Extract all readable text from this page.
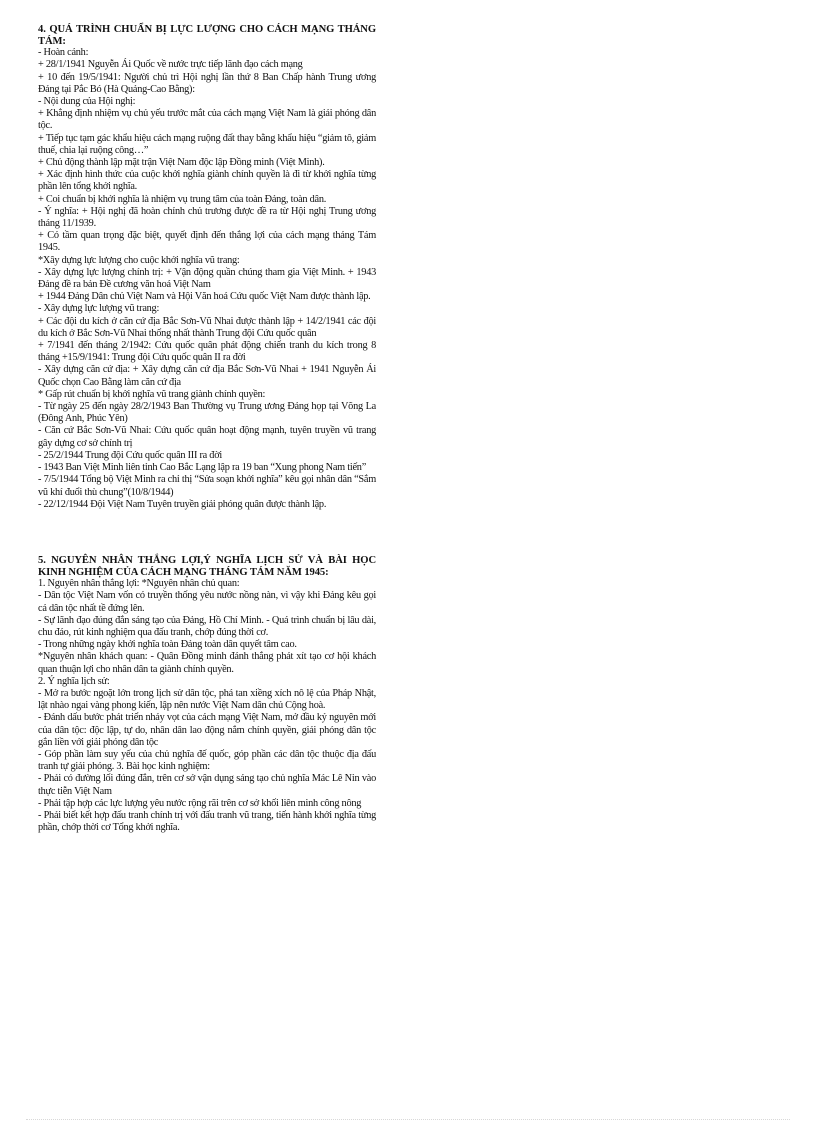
4. QUÁ TRÌNH CHUẨN BỊ LỰC LƯỢNG CHO CÁCH MẠNG THÁNG TÁM:

- Hoàn cảnh:

+ 28/1/1941 Nguyễn Ái Quốc về nước trực tiếp lãnh đạo cách mạng

+ 10 đến 19/5/1941: Người chủ trì Hội nghị lần thứ 8 Ban Chấp hành Trung ương Đảng tại Pắc Bó (Hà Quảng-Cao Bằng):

- Nội dung của Hội nghị:

+ Khẳng định nhiệm vụ chủ yếu trước mắt của cách mạng Việt Nam là giải phóng dân tộc.

+ Tiếp tục tạm gác khẩu hiệu cách mạng ruộng đất thay bằng khẩu hiệu “giảm tô, giảm thuế, chia lại ruộng công…”

+ Chủ động thành lập mặt trận Việt Nam độc lập Đồng minh (Việt Minh).

+ Xác định hình thức của cuộc khởi nghĩa giành chính quyền là đi từ khởi nghĩa từng phần lên tổng khởi nghĩa.

+ Coi chuẩn bị khởi nghĩa là nhiệm vụ trung tâm của toàn Đảng, toàn dân.

- Ý nghĩa: + Hội nghị đã hoàn chỉnh chủ trương được đề ra từ Hội nghị Trung ương tháng 11/1939.

+ Có tầm quan trọng đặc biệt, quyết định đến thắng lợi của cách mạng tháng Tám 1945.

*Xây dựng lực lượng cho cuộc khởi nghĩa vũ trang:

- Xây dựng lực lượng chính trị: + Vận động quần chúng tham gia Việt Minh. + 1943 Đảng đề ra bản Đề cương văn hoá Việt Nam

+ 1944 Đảng Dân chủ Việt Nam và Hội Văn hoá Cứu quốc Việt Nam được thành lập.

- Xây dựng lực lượng vũ trang:

+ Các đội du kích ở căn cứ địa Bắc Sơn-Vũ Nhai được thành lập + 14/2/1941 các đội du kích ở Bắc Sơn-Vũ Nhai thống nhất thành Trung đội Cứu quốc quân

+ 7/1941 đến tháng 2/1942: Cứu quốc quân phát động chiến tranh du kích trong 8 tháng +15/9/1941: Trung đội Cứu quốc quân II ra đời

- Xây dựng căn cứ địa: + Xây dựng căn cứ địa Bắc Sơn-Vũ Nhai + 1941 Nguyễn Ái Quốc chọn Cao Bằng làm căn cứ địa

* Gấp rút chuẩn bị khởi nghĩa vũ trang giành chính quyền:

- Từ ngày 25 đến ngày 28/2/1943 Ban Thường vụ Trung ương Đảng họp tại Võng La (Đông Anh, Phúc Yên)

- Căn cứ Bắc Sơn-Vũ Nhai: Cứu quốc quân hoạt động mạnh, tuyên truyền vũ trang gây dựng cơ sở chính trị

- 25/2/1944 Trung đội Cứu quốc quân III ra đời

- 1943 Ban Việt Minh liên tỉnh Cao Bắc Lạng lập ra 19 ban “Xung phong Nam tiến”

- 7/5/1944 Tổng bộ Việt Minh ra chỉ thị “Sửa soạn khởi nghĩa” kêu gọi nhân dân “Sắm vũ khí đuổi thù chung”(10/8/1944)

- 22/12/1944 Đội Việt Nam Tuyên truyền giải phóng quân được thành lập.

5. NGUYÊN NHÂN THẮNG LỢI,Ý NGHĨA LỊCH SỬ VÀ BÀI HỌC KINH NGHIỆM CỦA CÁCH MẠNG THÁNG TÁM NĂM 1945:

1. Nguyên nhân thắng lợi: *Nguyên nhân chủ quan:

- Dân tộc Việt Nam vốn có truyền thống yêu nước nồng nàn, vì vậy khi Đảng kêu gọi cả dân tộc nhất tề đứng lên.

- Sự lãnh đạo đúng đắn sáng tạo của Đảng, Hồ Chí Minh. - Quá trình chuẩn bị lâu dài, chu đáo, rút kinh nghiệm qua đấu tranh, chớp đúng thời cơ.

- Trong những ngày khởi nghĩa toàn Đảng toàn dân quyết tâm cao.

*Nguyên nhân khách quan: - Quân Đồng minh đánh thắng phát xít tạo cơ hội khách quan thuận lợi cho nhân dân ta giành chính quyền.

2. Ý nghĩa lịch sử:

- Mở ra bước ngoặt lớn trong lịch sử dân tộc, phá tan xiềng xích nô lệ của Pháp Nhật, lật nhào ngai vàng phong kiến, lập nên nước Việt Nam dân chủ Cộng hoà.

- Đánh dấu bước phát triển nhảy vọt của cách mạng Việt Nam, mở đầu kỷ nguyên mới của dân tộc: độc lập, tự do, nhân dân lao động nắm chính quyền, giải phóng dân tộc gắn liền với giải phóng dân tộc

- Góp phần làm suy yếu của chủ nghĩa đế quốc, góp phần các dân tộc thuộc địa đấu tranh tự giải phóng. 3. Bài học kinh nghiệm:

- Phải có đường lối đúng đắn, trên cơ sở vận dụng sáng tạo chủ nghĩa Mác Lê Nin vào thực tiễn Việt Nam

- Phải tập hợp các lực lượng yêu nước rộng rãi trên cơ sở khối liên minh công nông

- Phải biết kết hợp đấu tranh chính trị với đấu tranh vũ trang, tiến hành khởi nghĩa từng phần, chớp thời cơ Tổng khởi nghĩa.
